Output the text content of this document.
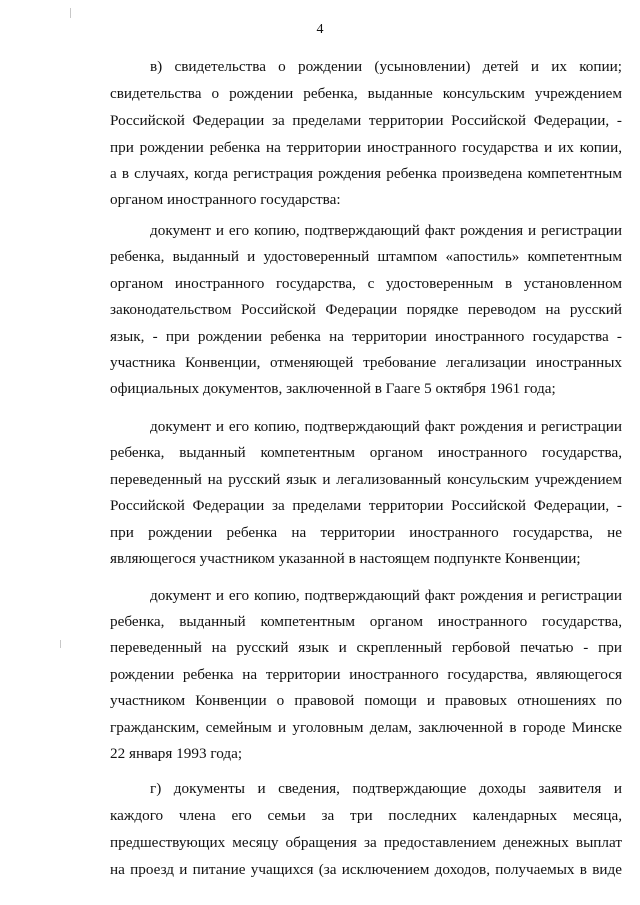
4
в) свидетельства о рождении (усыновлении) детей и их копии;
свидетельства о рождении ребенка, выданные консульским учреждением
Российской Федерации за пределами территории Российской Федерации, -
при рождении ребенка на территории иностранного государства и их копии,
а в случаях, когда регистрация рождения ребенка произведена компетентным
органом иностранного государства:
документ и его копию, подтверждающий факт рождения и регистрации
ребенка, выданный и удостоверенный штампом «апостиль» компетентным
органом иностранного государства, с удостоверенным в установленном
законодательством Российской Федерации порядке переводом на русский
язык, - при рождении ребенка на территории иностранного государства -
участника Конвенции, отменяющей требование легализации иностранных
официальных документов, заключенной в Гааге 5 октября 1961 года;
документ и его копию, подтверждающий факт рождения и регистрации
ребенка, выданный компетентным органом иностранного государства,
переведенный на русский язык и легализованный консульским учреждением
Российской Федерации за пределами территории Российской Федерации, -
при рождении ребенка на территории иностранного государства, не
являющегося участником указанной в настоящем подпункте Конвенции;
документ и его копию, подтверждающий факт рождения и регистрации
ребенка, выданный компетентным органом иностранного государства,
переведенный на русский язык и скрепленный гербовой печатью - при
рождении ребенка на территории иностранного государства, являющегося
участником Конвенции о правовой помощи и правовых отношениях по
гражданским, семейным и уголовным делам, заключенной в городе Минске
22 января 1993 года;
г) документы и сведения, подтверждающие доходы заявителя и
каждого члена его семьи за три последних календарных месяца,
предшествующих месяцу обращения за предоставлением денежных выплат
на проезд и питание учащихся (за исключением доходов, получаемых в виде
